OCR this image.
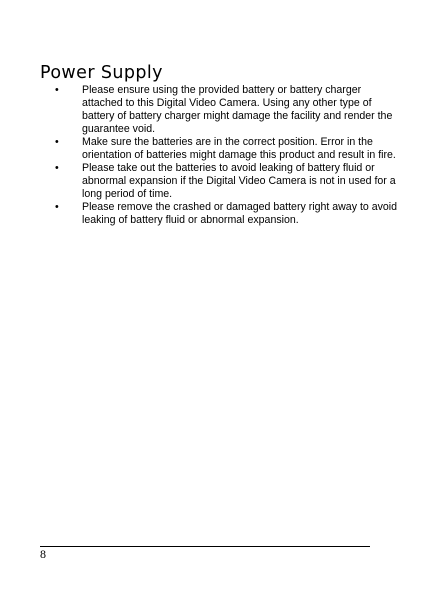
Power Supply
• Please ensure using the provided battery or battery charger attached to this Digital Video Camera. Using any other type of battery of battery charger might damage the facility and render the guarantee void.
• Make sure the batteries are in the correct position. Error in the orientation of batteries might damage this product and result in fire.
• Please take out the batteries to avoid leaking of battery fluid or abnormal expansion if the Digital Video Camera is not in used for a long period of time.
• Please remove the crashed or damaged battery right away to avoid leaking of battery fluid or abnormal expansion.
8
